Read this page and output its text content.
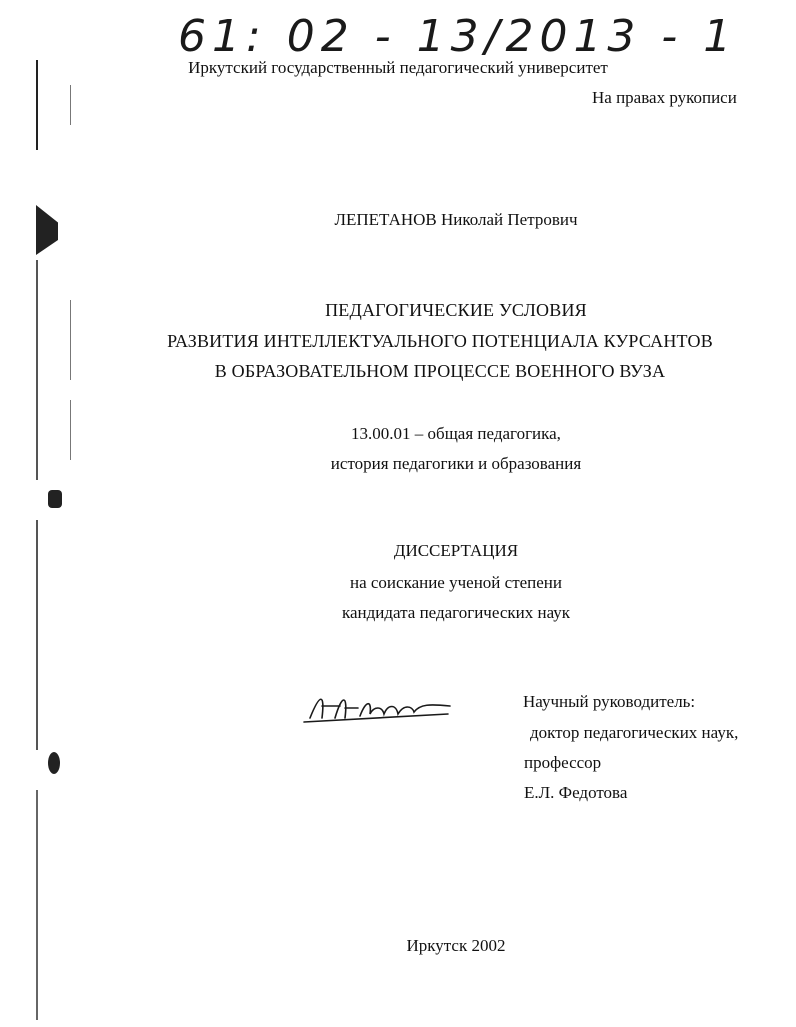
61: 02 - 13/2013 - 1
Иркутский государственный педагогический университет
На правах рукописи
ЛЕПЕТАНОВ Николай Петрович
ПЕДАГОГИЧЕСКИЕ УСЛОВИЯ
РАЗВИТИЯ ИНТЕЛЛЕКТУАЛЬНОГО ПОТЕНЦИАЛА КУРСАНТОВ
В ОБРАЗОВАТЕЛЬНОМ ПРОЦЕССЕ ВОЕННОГО ВУЗА
13.00.01 – общая педагогика,
история педагогики и образования
ДИССЕРТАЦИЯ
на соискание ученой степени
кандидата педагогических наук
Научный руководитель:
доктор педагогических наук,
профессор
Е.Л. Федотова
Иркутск 2002
